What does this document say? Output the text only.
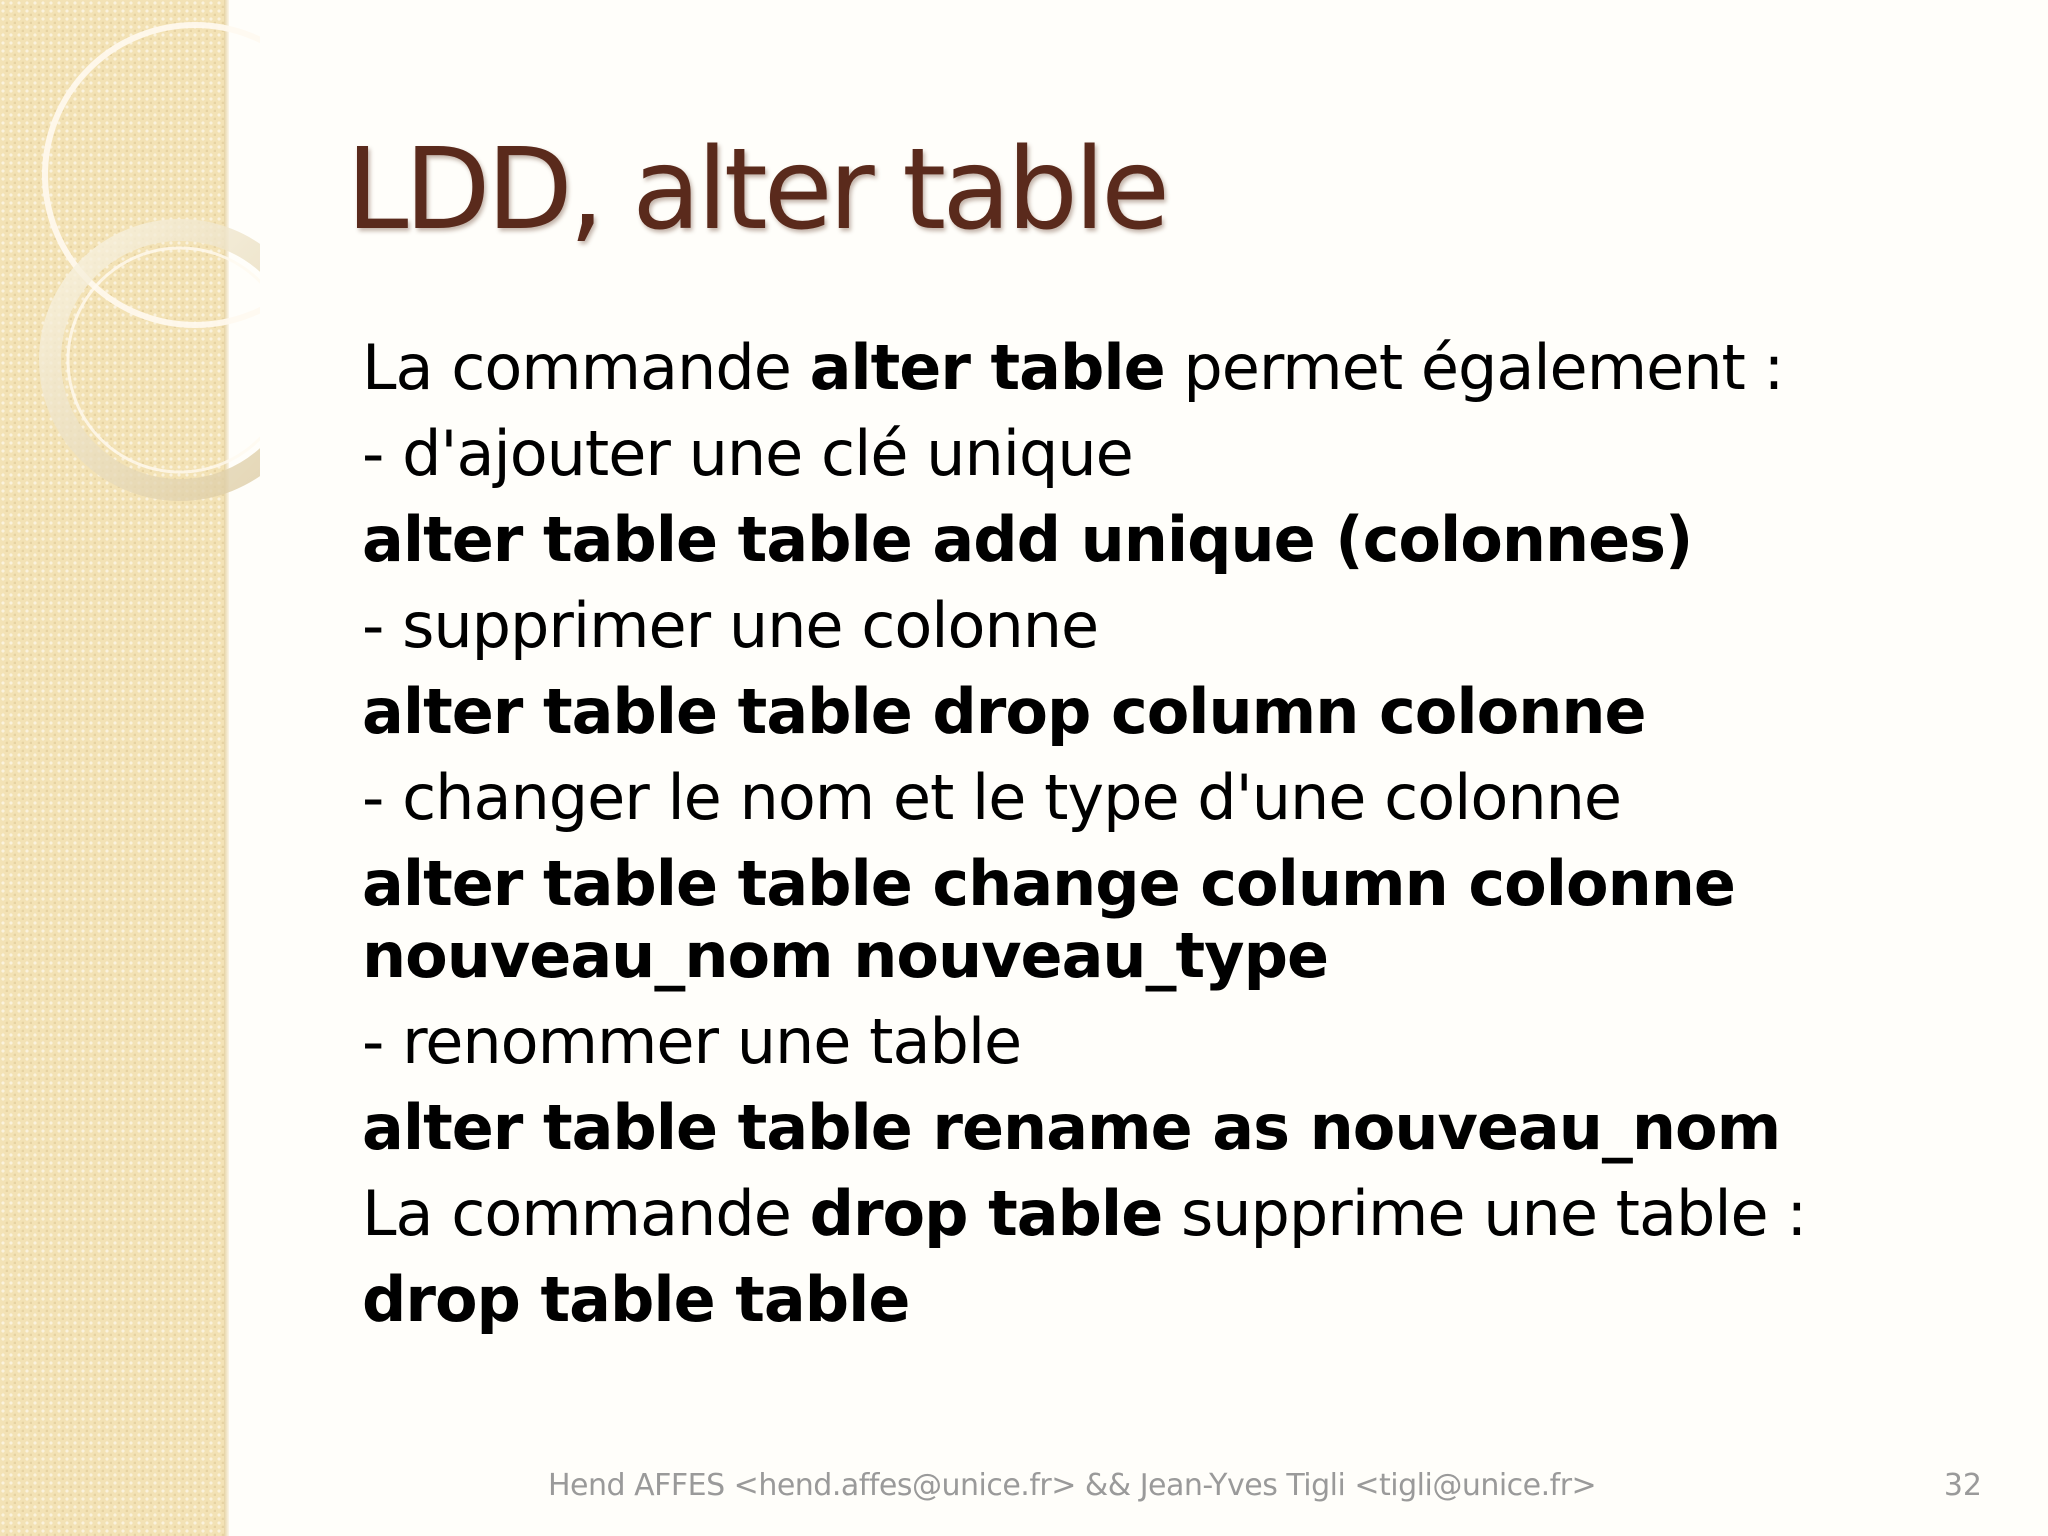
LDD, alter table
La commande alter table permet également :
- d'ajouter une clé unique
alter table table add unique (colonnes)
- supprimer une colonne
alter table table drop column colonne
- changer le nom et le type d'une colonne
alter table table change column colonne nouveau_nom nouveau_type
- renommer une table
alter table table rename as nouveau_nom
La commande drop table supprime une table :
drop table table
Hend AFFES <hend.affes@unice.fr> && Jean-Yves Tigli <tigli@unice.fr>	32
